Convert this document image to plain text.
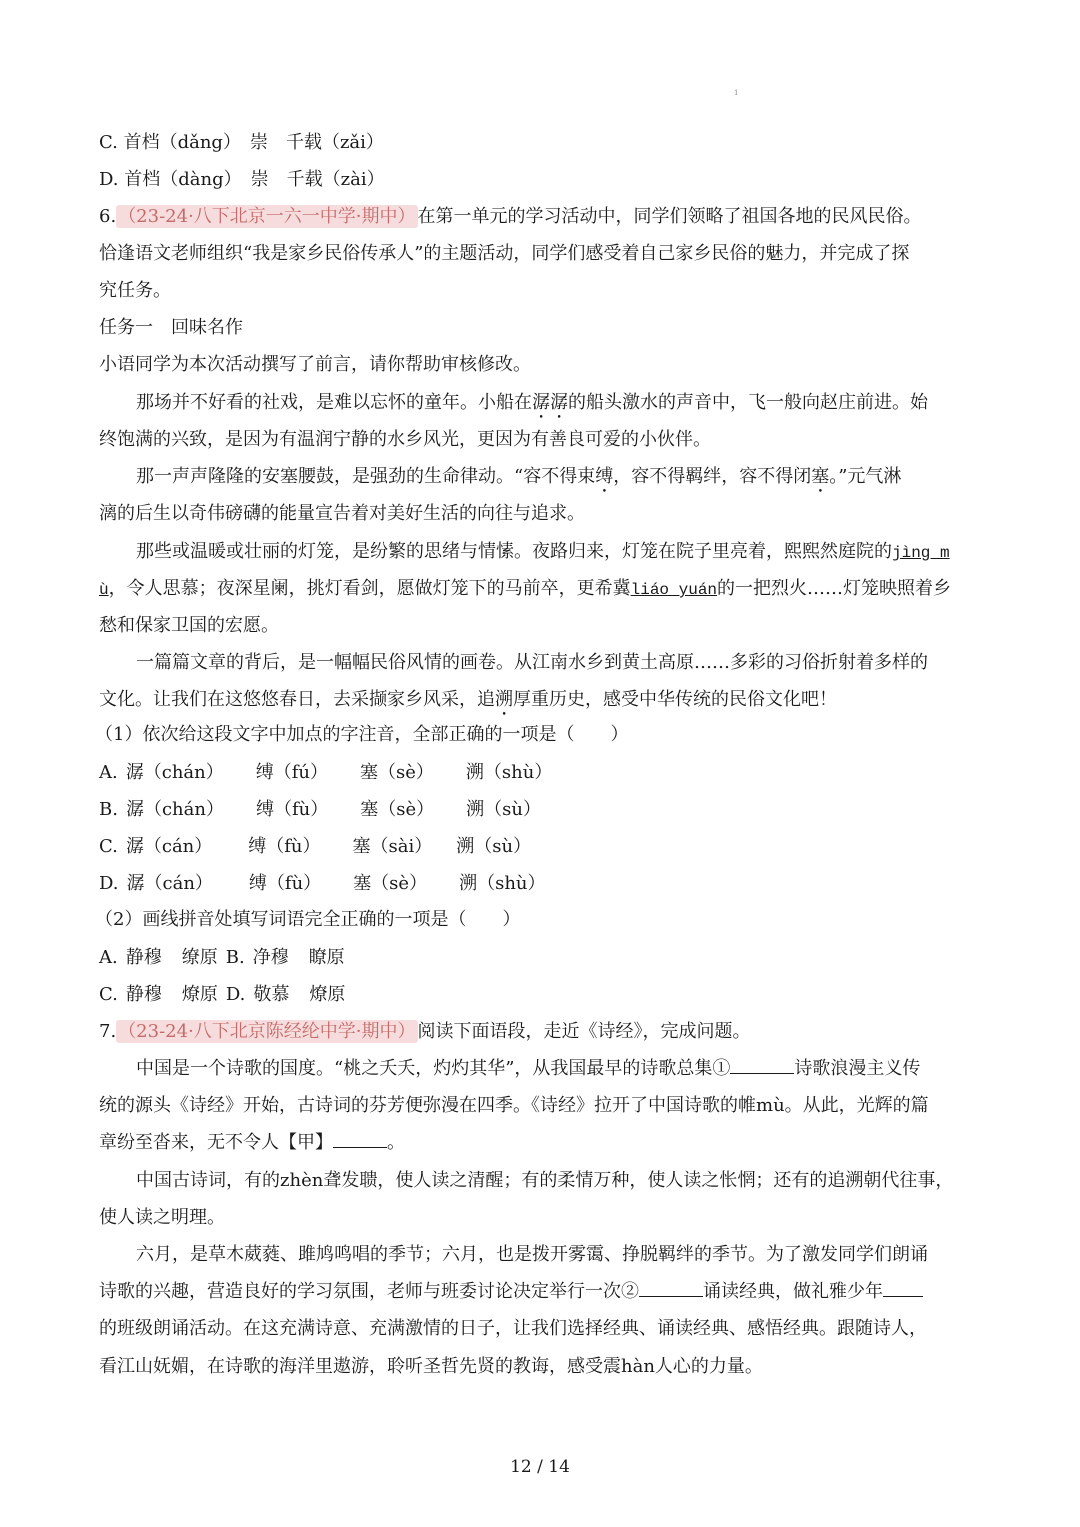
1
C. 首档（dǎng）　崇　千载（zǎi）
D. 首档（dàng）　崇　千载（zài）
6. （23-24·八下北京一六一中学·期中） 在第一单元的学习活动中，同学们领略了祖国各地的民风民俗。
恰逢语文老师组织“我是家乡民俗传承人”的主题活动，同学们感受着自己家乡民俗的魅力，并完成了探
究任务。
任务一　回味名作
小语同学为本次活动撰写了前言，请你帮助审核修改。
那场并不好看的社戏，是难以忘怀的童年。小船在潺潺的船头激水的声音中，飞一般向赵庄前进。始
终饱满的兴致，是因为有温润宁静的水乡风光，更因为有善良可爱的小伙伴。
那一声声隆隆的安塞腰鼓，是强劲的生命律动。“容不得束缚，容不得羁绊，容不得闭塞。”元气淋
漓的后生以奇伟磅礴的能量宣告着对美好生活的向往与追求。
那些或温暖或壮丽的灯笼，是纷繁的思绪与情愫。夜路归来，灯笼在院子里亮着，熙熙然庭院的jìng m
ù，令人思慕；夜深星阑，挑灯看剑，愿做灯笼下的马前卒，更希冀liáo yuán的一把烈火……灯笼映照着乡
愁和保家卫国的宏愿。
一篇篇文章的背后，是一幅幅民俗风情的画卷。从江南水乡到黄土高原……多彩的习俗折射着多样的
文化。让我们在这悠悠春日，去采撷家乡风采，追溯厚重历史，感受中华传统的民俗文化吧！
（1）依次给这段文字中加点的字注音，全部正确的一项是（　　）
A. 潺（chán） 缚（fú） 塞（sè） 溯（shù）
B. 潺（chán） 缚（fù） 塞（sè） 溯（sù）
C. 潺（cán） 缚（fù） 塞（sài） 溯（sù）
D. 潺（cán） 缚（fù） 塞（sè） 溯（shù）
（2）画线拼音处填写词语完全正确的一项是（　　）
A. 静穆 缭原 B. 净穆 瞭原
C. 静穆 燎原 D. 敬慕 燎原
7. （23-24·八下北京陈经纶中学·期中） 阅读下面语段，走近《诗经》，完成问题。
中国是一个诗歌的国度。“桃之夭夭，灼灼其华”，从我国最早的诗歌总集①	诗歌浪漫主义传
统的源头《诗经》开始，古诗词的芬芳便弥漫在四季。《诗经》拉开了中国诗歌的帷mù。从此，光辉的篇
章纷至沓来，无不令人【甲】	。
中国古诗词，有的zhèn聋发聩，使人读之清醒；有的柔情万种，使人读之怅惘；还有的追溯朝代往事，
使人读之明理。
六月，是草木葳蕤、雎鸠鸣唱的季节；六月，也是拨开雾霭、挣脱羁绊的季节。为了激发同学们朗诵
诗歌的兴趣，营造良好的学习氛围，老师与班委讨论决定举行一次②	诵读经典，做礼雅少年
的班级朗诵活动。在这充满诗意、充满激情的日子，让我们选择经典、诵读经典、感悟经典。跟随诗人，
看江山妩媚，在诗歌的海洋里遨游，聆听圣哲先贤的教诲，感受震hàn人心的力量。
12 / 14
